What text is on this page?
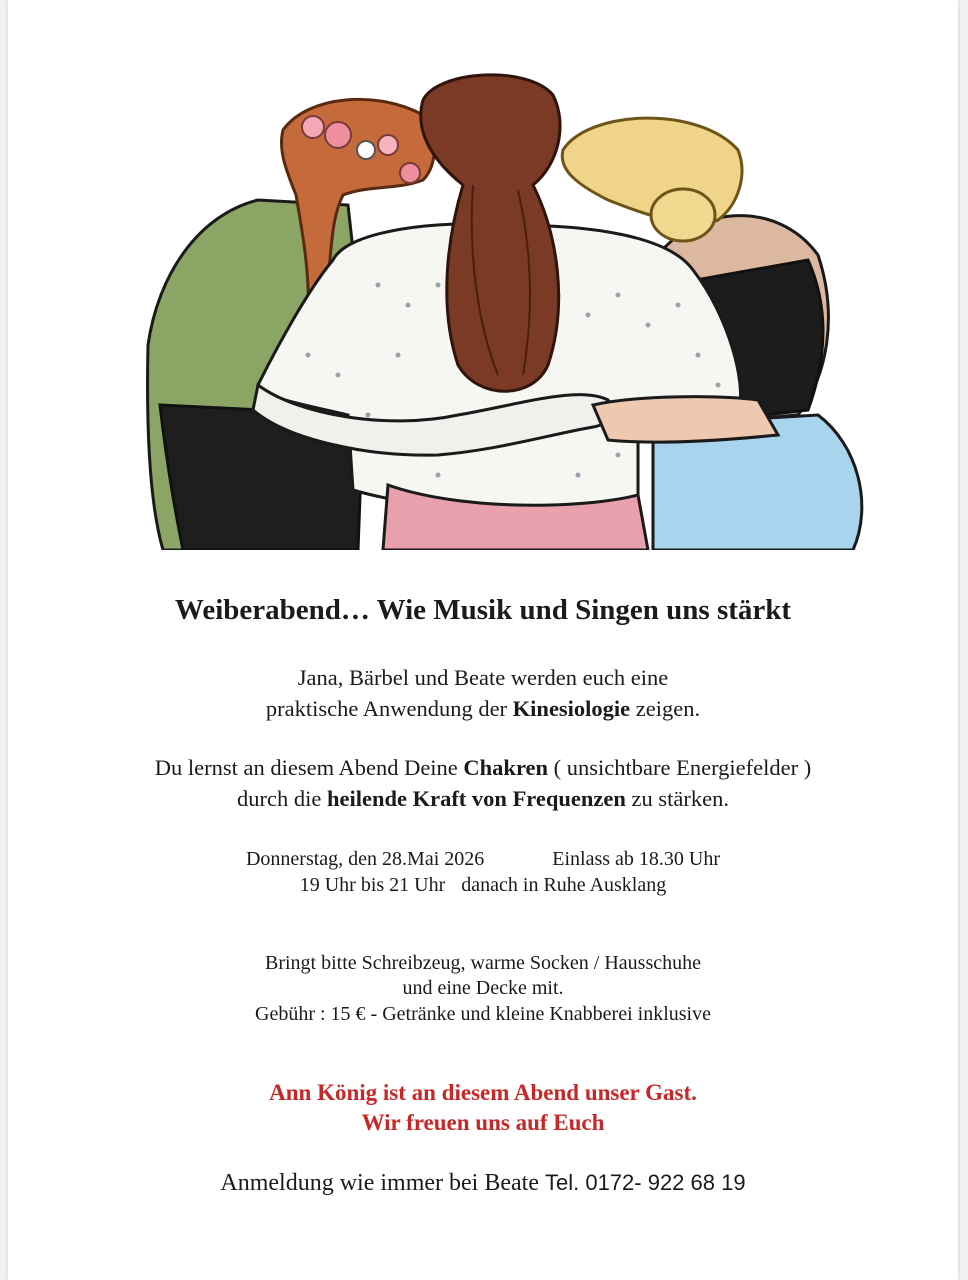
Weiberabend… Wie Musik und Singen uns stärkt
Jana, Bärbel und Beate werden euch eine
praktische Anwendung der Kinesiologie zeigen.
Du lernst an diesem Abend Deine Chakren ( unsichtbare Energiefelder )
durch die heilende Kraft von Frequenzen zu stärken.
Donnerstag, den 28.Mai 2026	Einlass ab 18.30 Uhr
19 Uhr bis 21 Uhr danach in Ruhe Ausklang
Bringt bitte Schreibzeug, warme Socken / Hausschuhe
und eine Decke mit.
Gebühr : 15 € - Getränke und kleine Knabberei inklusive
Ann König ist an diesem Abend unser Gast.
Wir freuen uns auf Euch
Anmeldung wie immer bei Beate Tel. 0172- 922 68 19
